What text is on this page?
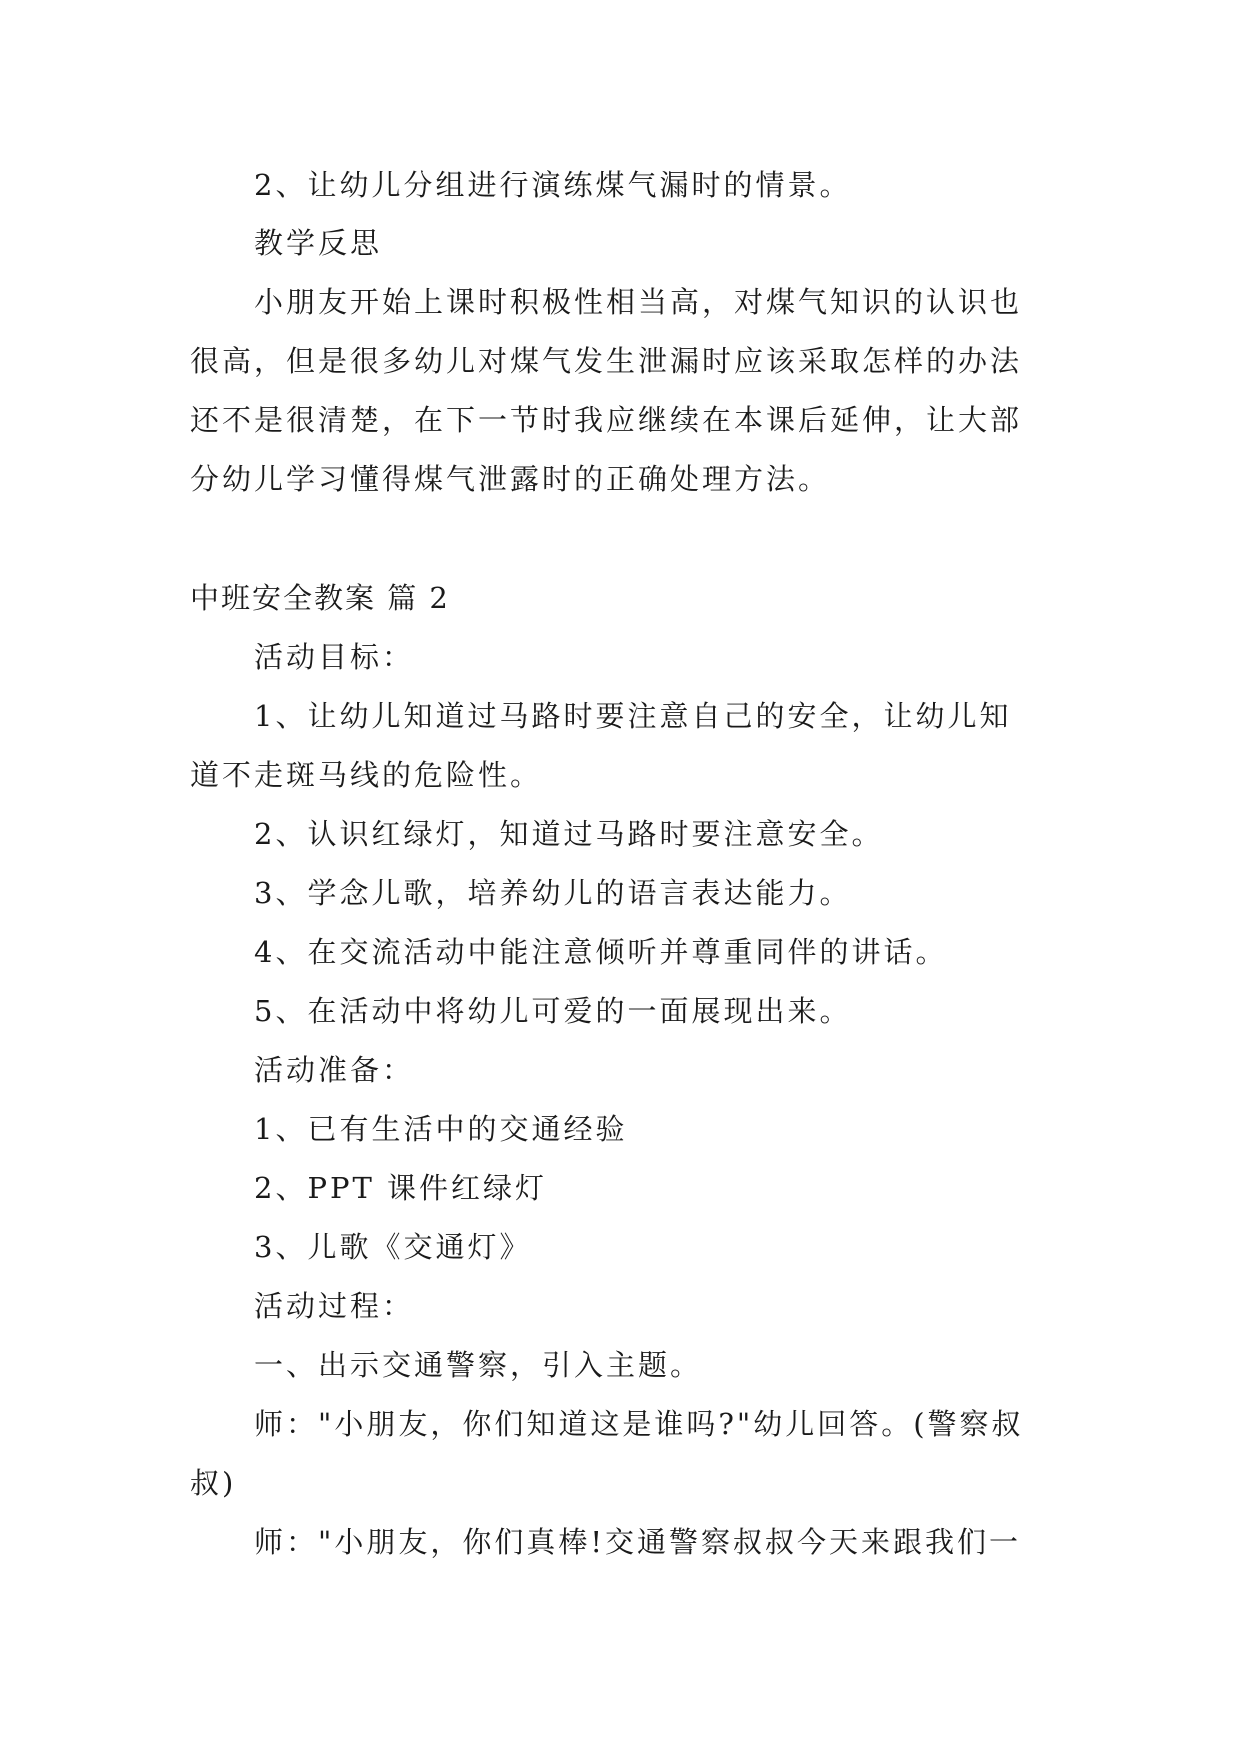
2、让幼儿分组进行演练煤气漏时的情景。
教学反思
小朋友开始上课时积极性相当高，对煤气知识的认识也
很高，但是很多幼儿对煤气发生泄漏时应该采取怎样的办法
还不是很清楚，在下一节时我应继续在本课后延伸，让大部
分幼儿学习懂得煤气泄露时的正确处理方法。
中班安全教案 篇 2
活动目标：
1、让幼儿知道过马路时要注意自己的安全，让幼儿知
道不走斑马线的危险性。
2、认识红绿灯，知道过马路时要注意安全。
3、学念儿歌，培养幼儿的语言表达能力。
4、在交流活动中能注意倾听并尊重同伴的讲话。
5、在活动中将幼儿可爱的一面展现出来。
活动准备：
1、已有生活中的交通经验
2、PPT 课件红绿灯
3、儿歌《交通灯》
活动过程：
一、出示交通警察，引入主题。
师："小朋友，你们知道这是谁吗?"幼儿回答。(警察叔
叔)
师："小朋友，你们真棒!交通警察叔叔今天来跟我们一
